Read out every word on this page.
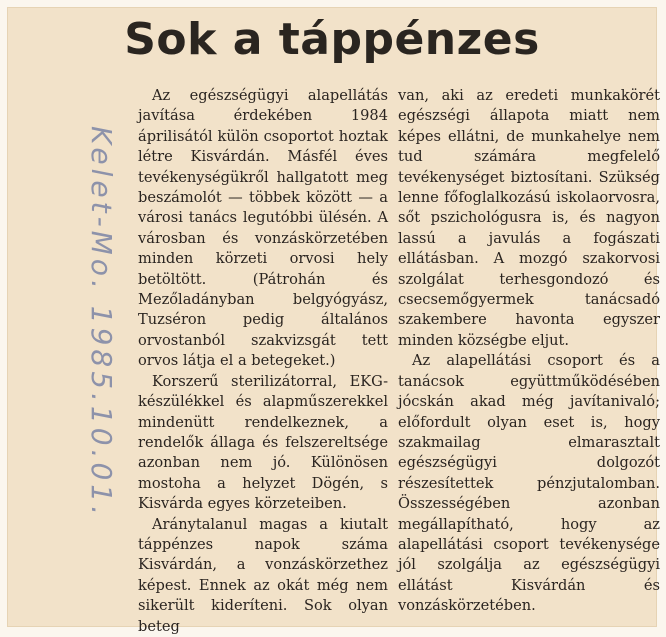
Sok a táppénzes
Kelet-Mo. 1985.10.01.

Az egészségügyi alapellátás javítása érdekében 1984 áprilisától külön csoportot hoztak létre Kisvárdán. Másfél éves tevékenységükről hallgatott meg beszámolót — többek között — a városi tanács legutóbbi ülésén. A városban és vonzáskörzetében minden körzeti orvosi hely betöltött. (Pátrohán és Mezőladányban belgyógyász, Tuzséron pedig általános orvostanból szakvizsgát tett orvos látja el a betegeket.)

Korszerű sterilizátorral, EKG-készülékkel és alapműszerekkel mindenütt rendelkeznek, a rendelők állaga és felszereltsége azonban nem jó. Különösen mostoha a helyzet Dögén, s Kisvárda egyes körzeteiben.

Aránytalanul magas a kiutalt táppénzes napok száma Kisvárdán, a vonzáskörzethez képest. Ennek az okát még nem sikerült kideríteni. Sok olyan beteg

van, aki az eredeti munkakörét egészségi állapota miatt nem képes ellátni, de munkahelye nem tud számára megfelelő tevékenységet biztosítani. Szükség lenne főfoglalkozású iskolaorvosra, sőt pszichológusra is, és nagyon lassú a javulás a fogászati ellátásban. A mozgó szakorvosi szolgálat terhesgondozó és csecsemőgyermek tanácsadó szakembere havonta egyszer minden községbe eljut.

Az alapellátási csoport és a tanácsok együttműködésében jócskán akad még javítanivaló; előfordult olyan eset is, hogy szakmailag elmarasztalt egészségügyi dolgozót részesítettek pénzjutalomban. Összességében azonban megállapítható, hogy az alapellátási csoport tevékenysége jól szolgálja az egészségügyi ellátást Kisvárdán és vonzáskörzetében.
